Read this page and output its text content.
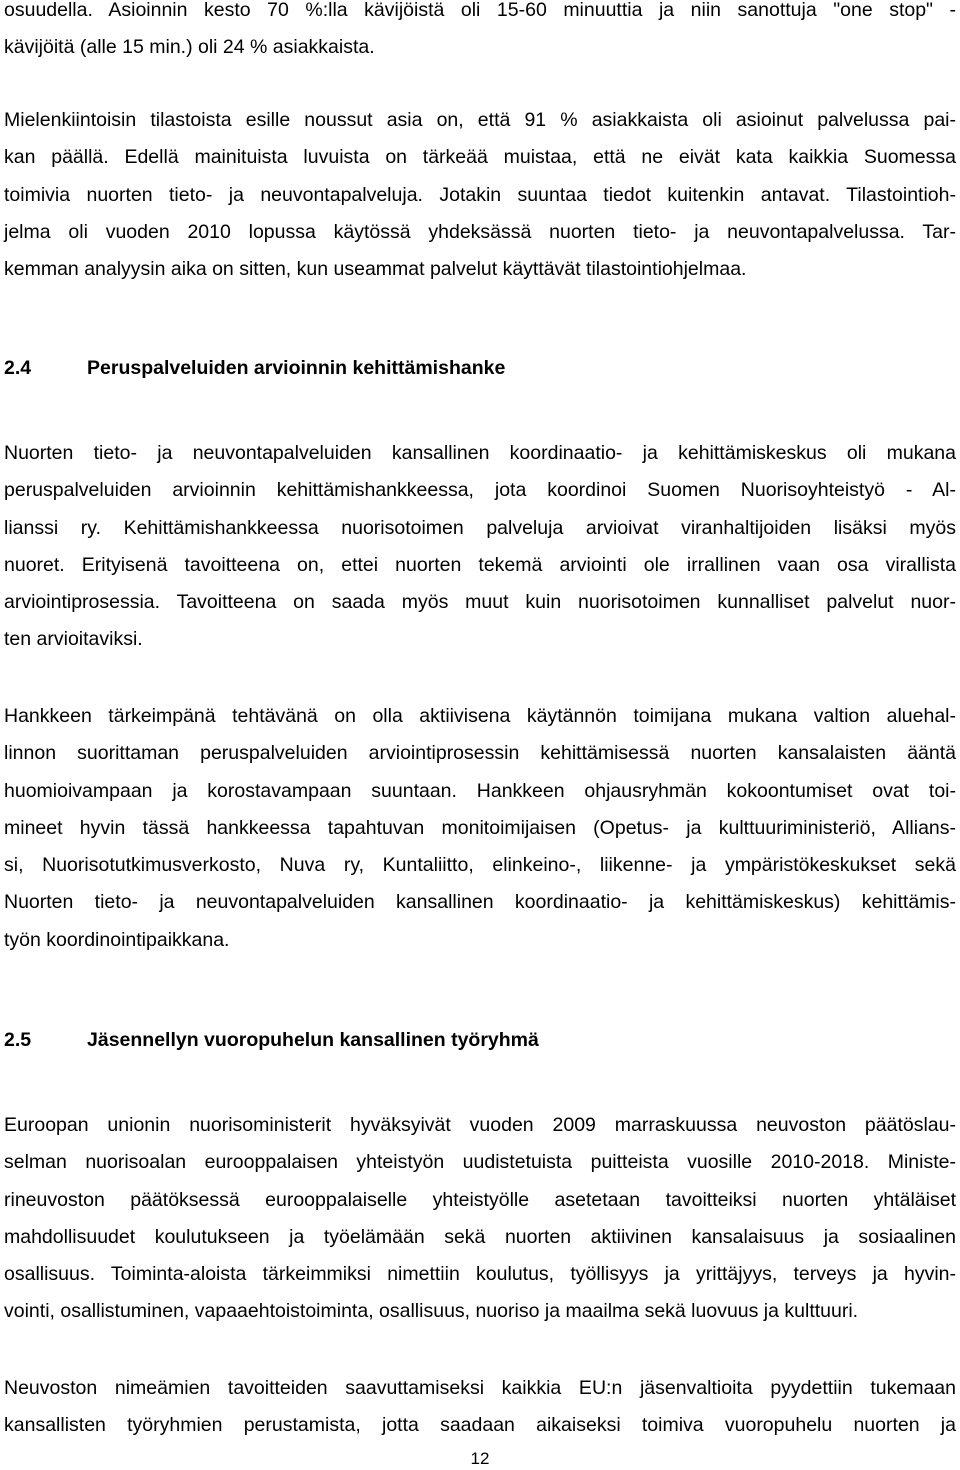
osuudella. Asioinnin kesto 70 %:lla kävijöistä oli 15-60 minuuttia ja niin sanottuja "one stop" -
kävijöitä (alle 15 min.) oli 24 % asiakkaista.
Mielenkiintoisin tilastoista esille noussut asia on, että 91 % asiakkaista oli asioinut palvelussa pai-
kan päällä. Edellä mainituista luvuista on tärkeää muistaa, että ne eivät kata kaikkia Suomessa
toimivia nuorten tieto- ja neuvontapalveluja. Jotakin suuntaa tiedot kuitenkin antavat. Tilastointioh-
jelma oli vuoden 2010 lopussa käytössä yhdeksässä nuorten tieto- ja neuvontapalvelussa. Tar-
kemman analyysin aika on sitten, kun useammat palvelut käyttävät tilastointiohjelmaa.
2.4	Peruspalveluiden arvioinnin kehittämishanke
Nuorten tieto- ja neuvontapalveluiden kansallinen koordinaatio- ja kehittämiskeskus oli mukana
peruspalveluiden arvioinnin kehittämishankkeessa, jota koordinoi Suomen Nuorisoyhteistyö - Al-
lianssi ry. Kehittämishankkeessa nuorisotoimen palveluja arvioivat viranhaltijoiden lisäksi myös
nuoret. Erityisenä tavoitteena on, ettei nuorten tekemä arviointi ole irrallinen vaan osa virallista
arviointiprosessia. Tavoitteena on saada myös muut kuin nuorisotoimen kunnalliset palvelut nuor-
ten arvioitaviksi.
Hankkeen tärkeimpänä tehtävänä on olla aktiivisena käytännön toimijana mukana valtion aluehal-
linnon suorittaman peruspalveluiden arviointiprosessin kehittämisessä nuorten kansalaisten ääntä
huomioivampaan ja korostavampaan suuntaan. Hankkeen ohjausryhmän kokoontumiset ovat toi-
mineet hyvin tässä hankkeessa tapahtuvan monitoimijaisen (Opetus- ja kulttuuriministeriö, Allians-
si, Nuorisotutkimusverkosto, Nuva ry, Kuntaliitto, elinkeino-, liikenne- ja ympäristökeskukset sekä
Nuorten tieto- ja neuvontapalveluiden kansallinen koordinaatio- ja kehittämiskeskus) kehittämis-
työn koordinointipaikkana.
2.5	Jäsennellyn vuoropuhelun kansallinen työryhmä
Euroopan unionin nuorisoministerit hyväksyivät vuoden 2009 marraskuussa neuvoston päätöslau-
selman nuorisoalan eurooppalaisen yhteistyön uudistetuista puitteista vuosille 2010-2018. Ministe-
rineuvoston päätöksessä eurooppalaiselle yhteistyölle asetetaan tavoitteiksi nuorten yhtäläiset
mahdollisuudet koulutukseen ja työelämään sekä nuorten aktiivinen kansalaisuus ja sosiaalinen
osallisuus. Toiminta-aloista tärkeimmiksi nimettiin koulutus, työllisyys ja yrittäjyys, terveys ja hyvin-
vointi, osallistuminen, vapaaehtoistoiminta, osallisuus, nuoriso ja maailma sekä luovuus ja kulttuuri.
Neuvoston nimeämien tavoitteiden saavuttamiseksi kaikkia EU:n jäsenvaltioita pyydettiin tukemaan
kansallisten työryhmien perustamista, jotta saadaan aikaiseksi toimiva vuoropuhelu nuorten ja
12
